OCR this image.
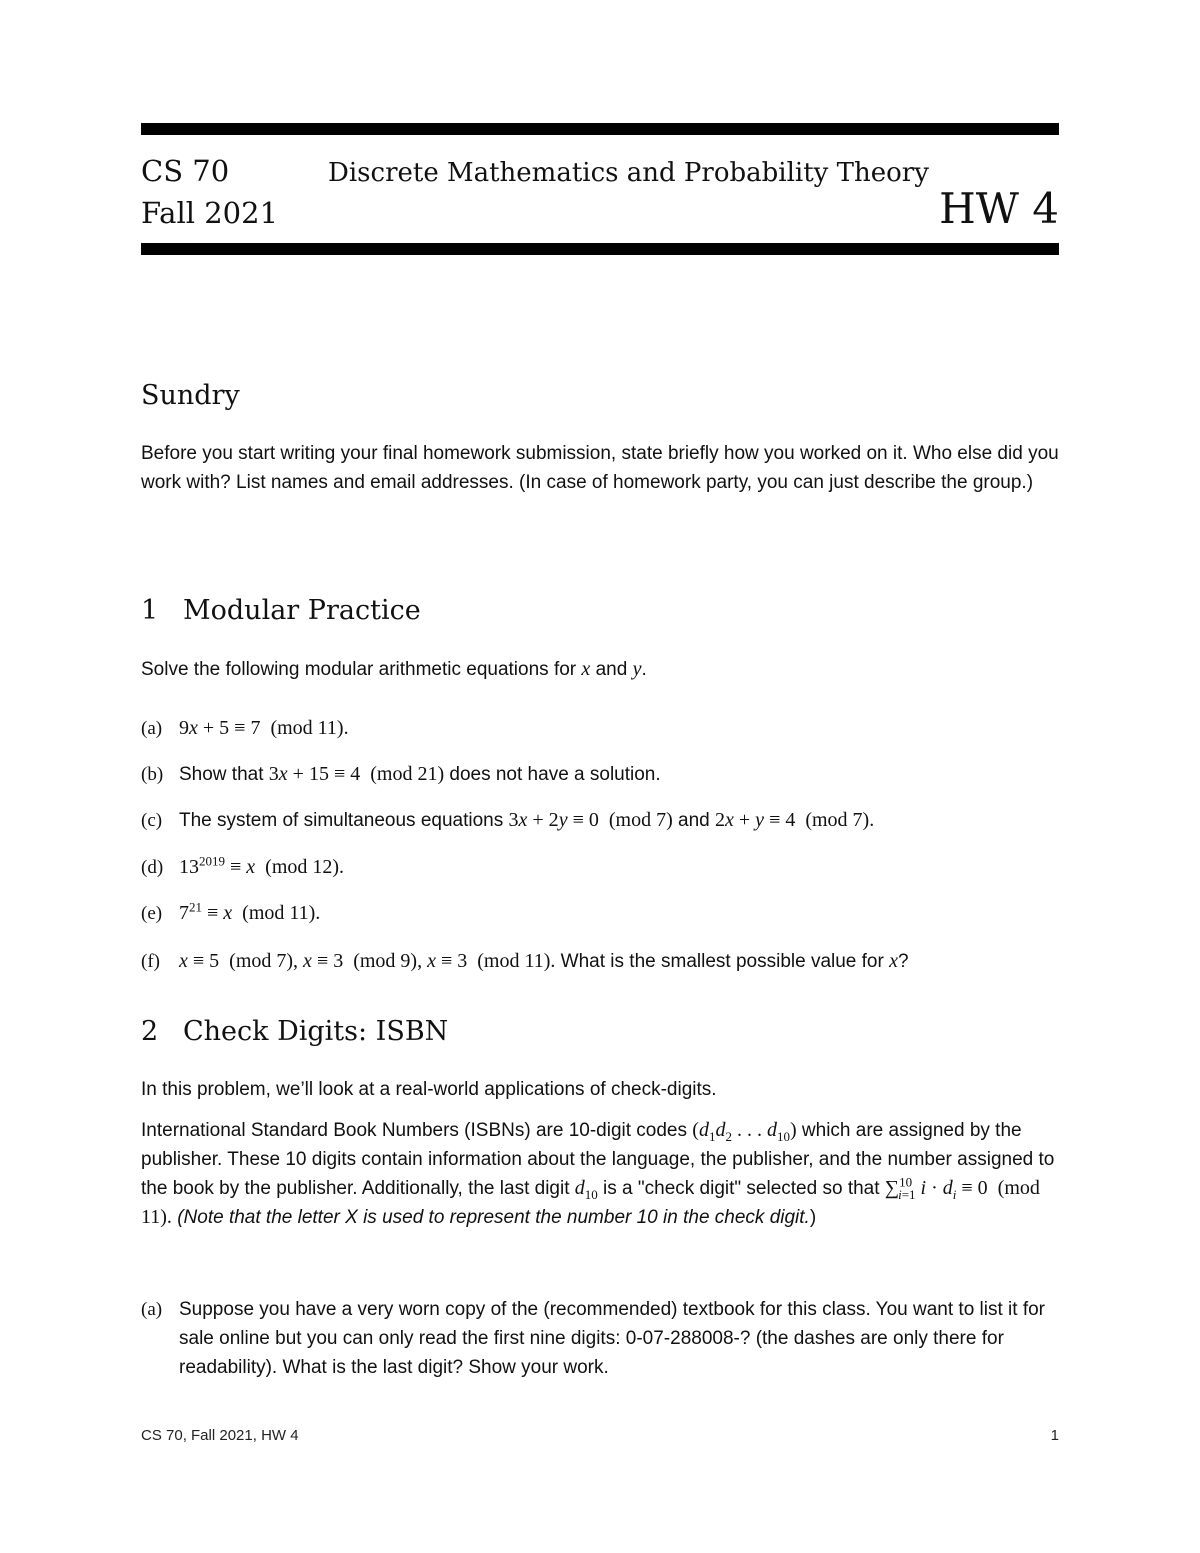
CS 70
Fall 2021
Discrete Mathematics and Probability Theory
HW 4
Sundry
Before you start writing your final homework submission, state briefly how you worked on it. Who else did you work with? List names and email addresses. (In case of homework party, you can just describe the group.)
1 Modular Practice
Solve the following modular arithmetic equations for x and y.
(a) 9x + 5 ≡ 7  (mod 11).
(b) Show that 3x + 15 ≡ 4  (mod 21) does not have a solution.
(c) The system of simultaneous equations 3x + 2y ≡ 0  (mod 7) and 2x + y ≡ 4  (mod 7).
(d) $13^{2019} \equiv x$  (mod 12).
(e) $7^{21} \equiv x$  (mod 11).
(f) x ≡ 5  (mod 7), x ≡ 3  (mod 9), x ≡ 3  (mod 11). What is the smallest possible value for x?
2 Check Digits: ISBN
In this problem, we’ll look at a real-world applications of check-digits.
International Standard Book Numbers (ISBNs) are 10-digit codes ($d_1d_2$ . . . $d_{10}$) which are assigned by the publisher. These 10 digits contain information about the language, the publisher, and the number assigned to the book by the publisher. Additionally, the last digit $d_{10}$ is a "check digit" selected so that ∑$^{10}_{i=1}$ $i \cdot d_i \equiv 0$  (mod 11). (Note that the letter X is used to represent the number 10 in the check digit.)
(a) Suppose you have a very worn copy of the (recommended) textbook for this class. You want to list it for sale online but you can only read the first nine digits: 0-07-288008-? (the dashes are only there for readability). What is the last digit? Show your work.
CS 70, Fall 2021, HW 4	1
